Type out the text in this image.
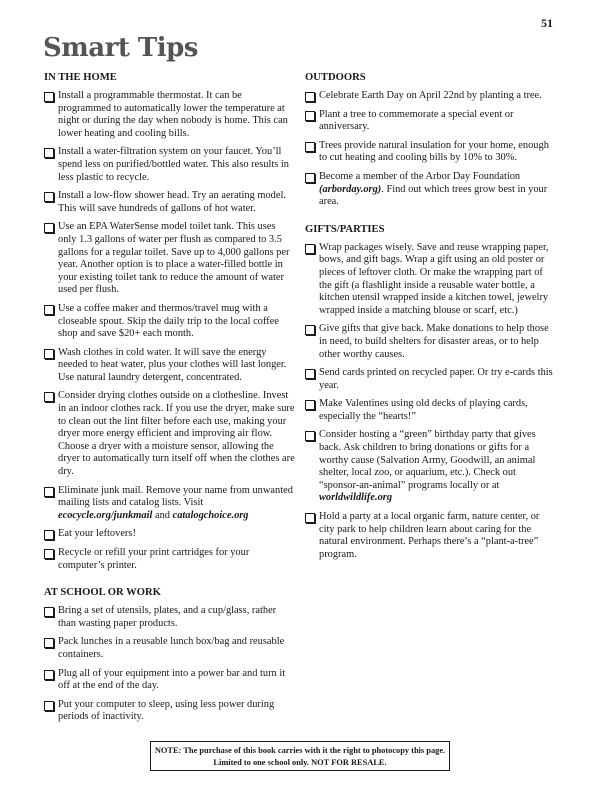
51
Smart Tips
IN THE HOME
Install a programmable thermostat. It can be programmed to automatically lower the temperature at night or during the day when nobody is home. This can lower heating and cooling bills.
Install a water-filtration system on your faucet. You’ll spend less on purified/bottled water. This also results in less plastic to recycle.
Install a low-flow shower head. Try an aerating model. This will save hundreds of gallons of hot water.
Use an EPA WaterSense model toilet tank. This uses only 1.3 gallons of water per flush as compared to 3.5 gallons for a regular toilet. Save up to 4,000 gallons per year. Another option is to place a water-filled bottle in your existing toilet tank to reduce the amount of water used per flush.
Use a coffee maker and thermos/travel mug with a closeable spout. Skip the daily trip to the local coffee shop and save $20+ each month.
Wash clothes in cold water. It will save the energy needed to heat water, plus your clothes will last longer. Use natural laundry detergent, concentrated.
Consider drying clothes outside on a clothesline. Invest in an indoor clothes rack. If you use the dryer, make sure to clean out the lint filter before each use, making your dryer more energy efficient and improving air flow. Choose a dryer with a moisture sensor, allowing the dryer to automatically turn itself off when the clothes are dry.
Eliminate junk mail. Remove your name from unwanted mailing lists and catalog lists. Visit ecocycle.org/junkmail and catalogchoice.org
Eat your leftovers!
Recycle or refill your print cartridges for your computer’s printer.
AT SCHOOL OR WORK
Bring a set of utensils, plates, and a cup/glass, rather than wasting paper products.
Pack lunches in a reusable lunch box/bag and reusable containers.
Plug all of your equipment into a power bar and turn it off at the end of the day.
Put your computer to sleep, using less power during periods of inactivity.
OUTDOORS
Celebrate Earth Day on April 22nd by planting a tree.
Plant a tree to commemorate a special event or anniversary.
Trees provide natural insulation for your home, enough to cut heating and cooling bills by 10% to 30%.
Become a member of the Arbor Day Foundation (arborday.org). Find out which trees grow best in your area.
GIFTS/PARTIES
Wrap packages wisely. Save and reuse wrapping paper, bows, and gift bags. Wrap a gift using an old poster or pieces of leftover cloth. Or make the wrapping part of the gift (a flashlight inside a reusable water bottle, a kitchen utensil wrapped inside a kitchen towel, jewelry wrapped inside a matching blouse or scarf, etc.)
Give gifts that give back. Make donations to help those in need, to build shelters for disaster areas, or to help other worthy causes.
Send cards printed on recycled paper. Or try e-cards this year.
Make Valentines using old decks of playing cards, especially the “hearts!”
Consider hosting a “green” birthday party that gives back. Ask children to bring donations or gifts for a worthy cause (Salvation Army, Goodwill, an animal shelter, local zoo, or aquarium, etc.). Check out “sponsor-an-animal” programs locally or at worldwildlife.org
Hold a party at a local organic farm, nature center, or city park to help children learn about caring for the natural environment. Perhaps there’s a “plant-a-tree” program.
NOTE: The purchase of this book carries with it the right to photocopy this page.
Limited to one school only. NOT FOR RESALE.
